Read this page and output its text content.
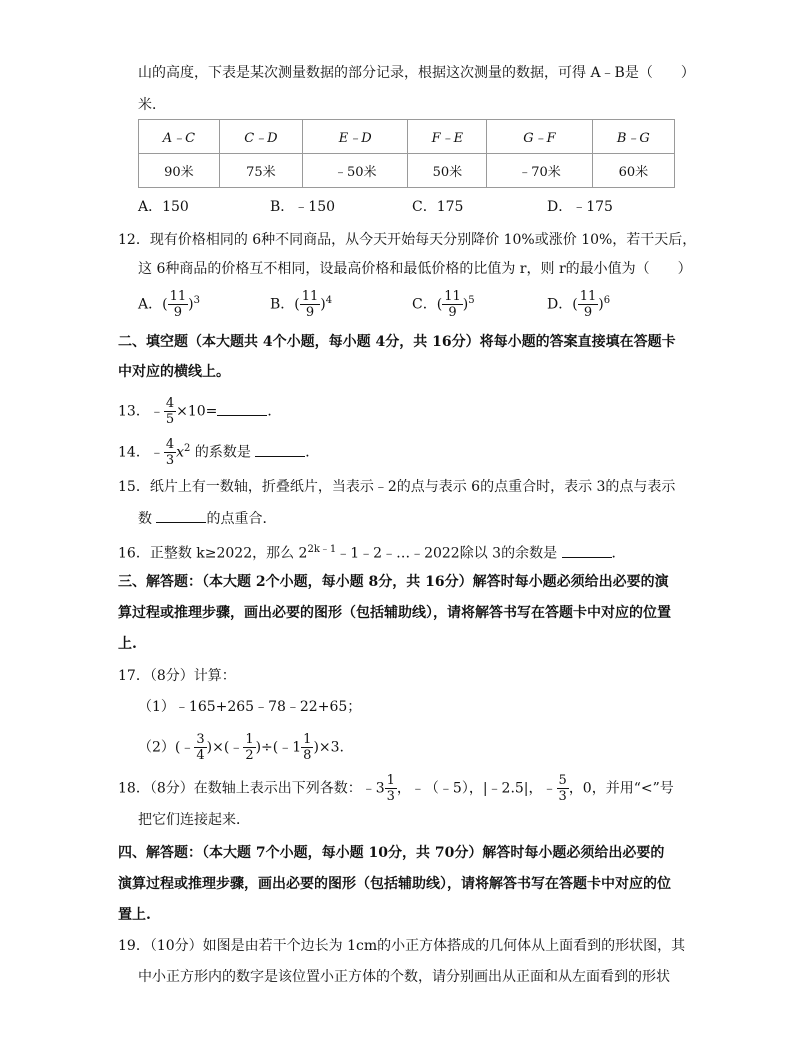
山的高度，下表是某次测量数据的部分记录，根据这次测量的数据，可得 A﹣B是（　　）
米．
A﹣C	C﹣D	E﹣D	F﹣E	G﹣F	B﹣G
90米	75米	﹣50米	50米	﹣70米	60米
A．150	B．﹣150	C．175	D．﹣175
12．现有价格相同的 6种不同商品，从今天开始每天分别降价 10%或涨价 10%，若干天后，
这 6种商品的价格互不相同，设最高价格和最低价格的比值为 r，则 r的最小值为（　　）
A．( $\frac{11}{9} )^3$	B．( $\frac{11}{9} )^4$	C．( $\frac{11}{9} )^5$	D．( $\frac{11}{9} )^6$
二、填空题（本大题共 4个小题，每小题 4分，共 16分）将每小题的答案直接填在答题卡
中对应的横线上。
13．﹣ $\frac{4}{5} \times 10=$	．
14．﹣ $\frac{4}{3} x^2$ 的系数是	．
15．纸片上有一数轴，折叠纸片，当表示﹣2的点与表示 6的点重合时，表示 3的点与表示
数	的点重合．
16．正整数 k≥2022，那么 $2^{2k﹣1}﹣1﹣2﹣\dots﹣2022$除以 3的余数是	．
三、解答题：（本大题 2个小题，每小题 8分，共 16分）解答时每小题必须给出必要的演
算过程或推理步骤，画出必要的图形（包括辅助线），请将解答书写在答题卡中对应的位置
上.
17．（8分）计算：
（1）﹣165+265﹣78﹣22+65；
（2）(﹣ $\frac{3}{4}$ )×(﹣ $\frac{1}{2}$ )÷(﹣1 $\frac{1}{8} )\times 3$.
18．（8分）在数轴上表示出下列各数：﹣3 $\frac{1}{3}$ ，﹣（﹣5），|﹣2.5|，﹣ $\frac{5}{3}$ ，0，并用“<”号
把它们连接起来．
四、解答题：（本大题 7个小题，每小题 10分，共 70分）解答时每小题必须给出必要的
演算过程或推理步骤，画出必要的图形（包括辅助线），请将解答书写在答题卡中对应的位
置上.
19．（10分）如图是由若干个边长为 1cm的小正方体搭成的几何体从上面看到的形状图，其
中小正方形内的数字是该位置小正方体的个数，请分别画出从正面和从左面看到的形状
